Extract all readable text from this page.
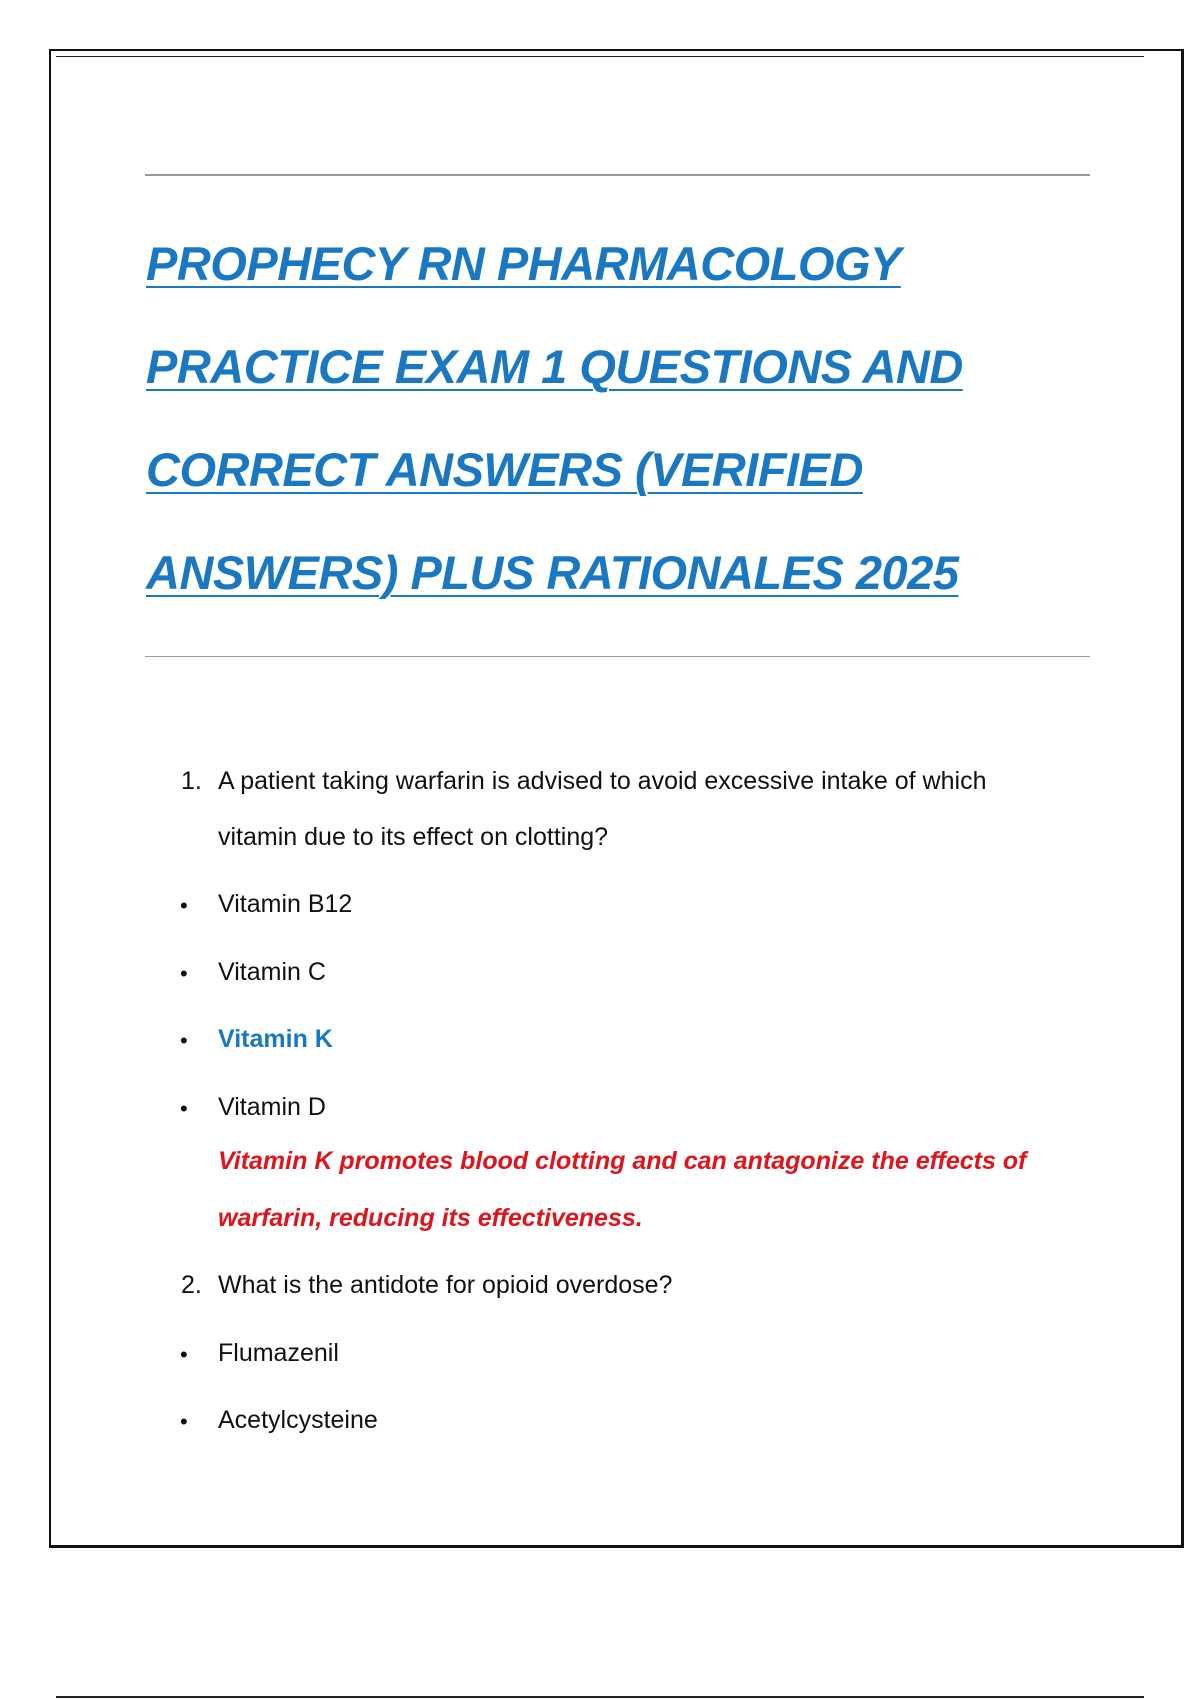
PROPHECY RN PHARMACOLOGY
PRACTICE EXAM 1 QUESTIONS AND
CORRECT ANSWERS (VERIFIED
ANSWERS) PLUS RATIONALES 2025
1. A patient taking warfarin is advised to avoid excessive intake of which
vitamin due to its effect on clotting?
• Vitamin B12
• Vitamin C
• Vitamin K
• Vitamin D
Vitamin K promotes blood clotting and can antagonize the effects of
warfarin, reducing its effectiveness.
2. What is the antidote for opioid overdose?
• Flumazenil
• Acetylcysteine
